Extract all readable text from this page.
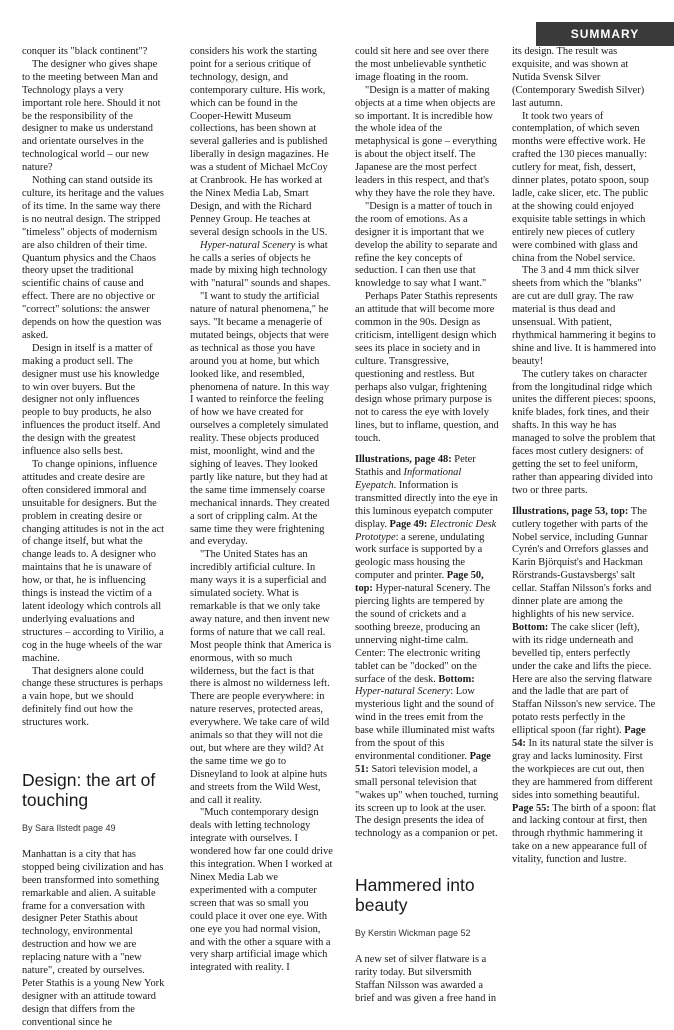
SUMMARY

conquer its "black continent"?

The designer who gives shape to the meeting between Man and Technology plays a very important role here. Should it not be the responsibility of the designer to make us understand and orientate ourselves in the technological world – our new nature?

Nothing can stand outside its culture, its heritage and the values of its time. In the same way there is no neutral design. The stripped "timeless" objects of modernism are also children of their time. Quantum physics and the Chaos theory upset the traditional scientific chains of cause and effect. There are no objective or "correct" solutions: the answer depends on how the question was asked.

Design in itself is a matter of making a product sell. The designer must use his knowledge to win over buyers. But the designer not only influences people to buy products, he also influences the product itself. And the design with the greatest influence also sells best.

To change opinions, influence attitudes and create desire are often considered immoral and unsuitable for designers. But the problem in creating desire or changing attitudes is not in the act of change itself, but what the change leads to. A designer who maintains that he is unaware of how, or that, he is influencing things is instead the victim of a latent ideology which controls all underlying evaluations and structures – according to Virilio, a cog in the huge wheels of the war machine.

That designers alone could change these structures is perhaps a vain hope, but we should definitely find out how the structures work.

Design: the art of touching
By Sara Ilstedt page 49

Manhattan is a city that has stopped being civilization and has been transformed into something remarkable and alien. A suitable frame for a conversation with designer Peter Stathis about technology, environmental destruction and how we are replacing nature with a "new nature", created by ourselves. Peter Stathis is a young New York designer with an attitude toward design that differs from the conventional since he

considers his work the starting point for a serious critique of technology, design, and contemporary culture. His work, which can be found in the Cooper-Hewitt Museum collections, has been shown at several galleries and is published liberally in design magazines. He was a student of Michael McCoy at Cranbrook. He has worked at the Ninex Media Lab, Smart Design, and with the Richard Penney Group. He teaches at several design schools in the US.

Hyper-natural Scenery is what he calls a series of objects he made by mixing high technology with "natural" sounds and shapes.

"I want to study the artificial nature of natural phenomena," he says. "It became a menagerie of mutated beings, objects that were as technical as those you have around you at home, but which looked like, and resembled, phenomena of nature. In this way I wanted to reinforce the feeling of how we have created for ourselves a completely simulated reality. These objects produced mist, moonlight, wind and the sighing of leaves. They looked partly like nature, but they had at the same time immensely coarse mechanical innards. They created a sort of crippling calm. At the same time they were frightening and everyday.

"The United States has an incredibly artificial culture. In many ways it is a superficial and simulated society. What is remarkable is that we only take away nature, and then invent new forms of nature that we call real. Most people think that America is enormous, with so much wilderness, but the fact is that there is almost no wilderness left. There are people everywhere: in nature reserves, protected areas, everywhere. We take care of wild animals so that they will not die out, but where are they wild? At the same time we go to Disneyland to look at alpine huts and streets from the Wild West, and call it reality.

"Much contemporary design deals with letting technology integrate with ourselves. I wondered how far one could drive this integration. When I worked at Ninex Media Lab we experimented with a computer screen that was so small you could place it over one eye. With one eye you had normal vision, and with the other a square with a very sharp artificial image which integrated with reality. I

could sit here and see over there the most unbelievable synthetic image floating in the room.

"Design is a matter of making objects at a time when objects are so important. It is incredible how the whole idea of the metaphysical is gone – everything is about the object itself. The Japanese are the most perfect leaders in this respect, and that's why they have the role they have.

"Design is a matter of touch in the room of emotions. As a designer it is important that we develop the ability to separate and refine the key concepts of seduction. I can then use that knowledge to say what I want."

Perhaps Pater Stathis represents an attitude that will become more common in the 90s. Design as criticism, intelligent design which sees its place in society and in culture. Transgressive, questioning and restless. But perhaps also vulgar, frightening design whose primary purpose is not to caress the eye with lovely lines, but to inflame, question, and touch.

Illustrations, page 48: Peter Stathis and Informational Eyepatch. Information is transmitted directly into the eye in this luminous eyepatch computer display. Page 49: Electronic Desk Prototype: a serene, undulating work surface is supported by a geologic mass housing the computer and printer. Page 50, top: Hyper-natural Scenery. The piercing lights are tempered by the sound of crickets and a soothing breeze, producing an unnerving night-time calm. Center: The electronic writing tablet can be "docked" on the surface of the desk. Bottom: Hyper-natural Scenery: Low mysterious light and the sound of wind in the trees emit from the base while illuminated mist wafts from the spout of this environmental conditioner. Page 51: Satori television model, a small personal television that "wakes up" when touched, turning its screen up to look at the user. The design presents the idea of technology as a companion or pet.

Hammered into beauty
By Kerstin Wickman page 52

A new set of silver flatware is a rarity today. But silversmith Staffan Nilsson was awarded a brief and was given a free hand in

its design. The result was exquisite, and was shown at Nutida Svensk Silver (Contemporary Swedish Silver) last autumn.

It took two years of contemplation, of which seven months were effective work. He crafted the 130 pieces manually: cutlery for meat, fish, dessert, dinner plates, potato spoon, soup ladle, cake slicer, etc. The public at the showing could enjoyed exquisite table settings in which entirely new pieces of cutlery were combined with glass and china from the Nobel service.

The 3 and 4 mm thick silver sheets from which the "blanks" are cut are dull gray. The raw material is thus dead and unsensual. With patient, rhythmical hammering it begins to shine and live. It is hammered into beauty!

The cutlery takes on character from the longitudinal ridge which unites the different pieces: spoons, knife blades, fork tines, and their shafts. In this way he has managed to solve the problem that faces most cutlery designers: of getting the set to feel uniform, rather than appearing divided into two or three parts.

Illustrations, page 53, top: The cutlery together with parts of the Nobel service, including Gunnar Cyrén's and Orrefors glasses and Karin Björquist's and Hackman Rörstrands-Gustavsbergs' salt cellar. Staffan Nilsson's forks and dinner plate are among the highlights of his new service. Bottom: The cake slicer (left), with its ridge underneath and bevelled tip, enters perfectly under the cake and lifts the piece. Here are also the serving flatware and the ladle that are part of Staffan Nilsson's new service. The potato rests perfectly in the elliptical spoon (far right). Page 54: In its natural state the silver is gray and lacks luminosity. First the workpieces are cut out, then they are hammered from different sides into something beautiful. Page 55: The birth of a spoon: flat and lacking contour at first, then through rhythmic hammering it take on a new appearance full of vitality, function and lustre.
